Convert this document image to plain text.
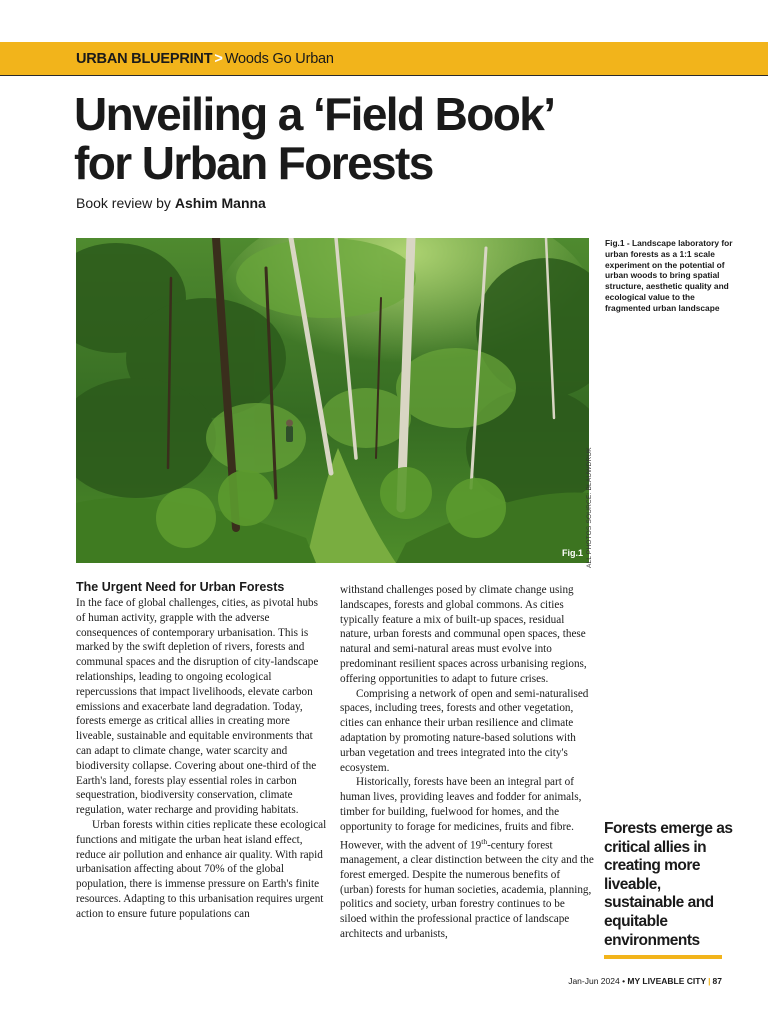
URBAN BLUEPRINT > Woods Go Urban
Unveiling a ‘Field Book’
for Urban Forests
Book review by Ashim Manna
Fig.1 ALL PHOTOS SOURCE: BLAUWDRUK
Fig.1 - Landscape laboratory for urban forests as a 1:1 scale experiment on the potential of urban woods to bring spatial structure, aesthetic quality and ecological value to the fragmented urban landscape
The Urgent Need for Urban Forests

In the face of global challenges, cities, as pivotal hubs of human activity, grapple with the adverse consequences of contemporary urbanisation. This is marked by the swift depletion of rivers, forests and communal spaces and the disruption of city-landscape relationships, leading to ongoing ecological repercussions that impact livelihoods, elevate carbon emissions and exacerbate land degradation. Today, forests emerge as critical allies in creating more liveable, sustainable and equitable environments that can adapt to climate change, water scarcity and biodiversity collapse. Covering about one-third of the Earth's land, forests play essential roles in carbon sequestration, biodiversity conservation, climate regulation, water recharge and providing habitats.

Urban forests within cities replicate these ecological functions and mitigate the urban heat island effect, reduce air pollution and enhance air quality. With rapid urbanisation affecting about 70% of the global population, there is immense pressure on Earth's finite resources. Adapting to this urbanisation requires urgent action to ensure future populations can

withstand challenges posed by climate change using landscapes, forests and global commons. As cities typically feature a mix of built-up spaces, residual nature, urban forests and communal open spaces, these natural and semi-natural areas must evolve into predominant resilient spaces across urbanising regions, offering opportunities to adapt to future crises.

Comprising a network of open and semi-naturalised spaces, including trees, forests and other vegetation, cities can enhance their urban resilience and climate adaptation by promoting nature-based solutions with urban vegetation and trees integrated into the city's ecosystem.

Historically, forests have been an integral part of human lives, providing leaves and fodder for animals, timber for building, fuelwood for homes, and the opportunity to forage for medicines, fruits and fibre. However, with the advent of 19th-century forest management, a clear distinction between the city and the forest emerged. Despite the numerous benefits of (urban) forests for human societies, academia, planning, politics and society, urban forestry continues to be siloed within the professional practice of landscape architects and urbanists,

Forests emerge as critical allies in creating more liveable, sustainable and equitable environments
Jan-Jun 2024 • MY LIVEABLE CITY | 87
